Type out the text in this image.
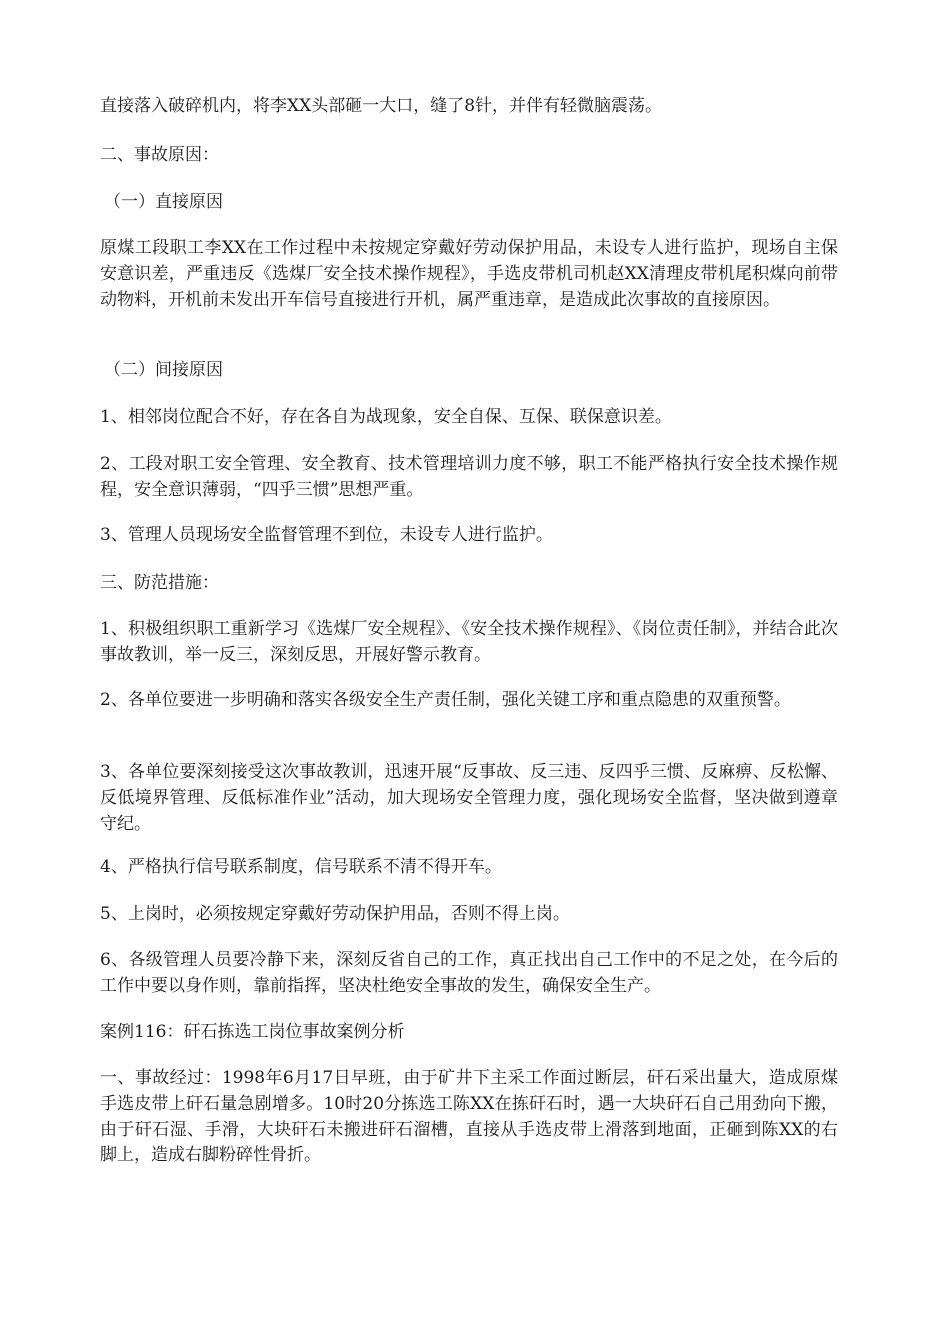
直接落入破碎机内，将李XX头部砸一大口，缝了8针，并伴有轻微脑震荡。

二、事故原因：

（一）直接原因

原煤工段职工李XX在工作过程中未按规定穿戴好劳动保护用品，未设专人进行监护，现场自主保安意识差，严重违反《选煤厂安全技术操作规程》，手选皮带机司机赵XX清理皮带机尾积煤向前带动物料，开机前未发出开车信号直接进行开机，属严重违章，是造成此次事故的直接原因。

（二）间接原因

1、相邻岗位配合不好，存在各自为战现象，安全自保、互保、联保意识差。

2、工段对职工安全管理、安全教育、技术管理培训力度不够，职工不能严格执行安全技术操作规程，安全意识薄弱，“四乎三惯”思想严重。

3、管理人员现场安全监督管理不到位，未设专人进行监护。

三、防范措施：

1、积极组织职工重新学习《选煤厂安全规程》、《安全技术操作规程》、《岗位责任制》，并结合此次事故教训，举一反三，深刻反思，开展好警示教育。

2、各单位要进一步明确和落实各级安全生产责任制，强化关键工序和重点隐患的双重预警。

3、各单位要深刻接受这次事故教训，迅速开展“反事故、反三违、反四乎三惯、反麻痹、反松懈、反低境界管理、反低标准作业”活动，加大现场安全管理力度，强化现场安全监督，坚决做到遵章守纪。

4、严格执行信号联系制度，信号联系不清不得开车。

5、上岗时，必须按规定穿戴好劳动保护用品，否则不得上岗。

6、各级管理人员要冷静下来，深刻反省自己的工作，真正找出自己工作中的不足之处，在今后的工作中要以身作则，靠前指挥，坚决杜绝安全事故的发生，确保安全生产。

案例116：矸石拣选工岗位事故案例分析

一、事故经过：1998年6月17日早班，由于矿井下主采工作面过断层，矸石采出量大，造成原煤手选皮带上矸石量急剧增多。10时20分拣选工陈XX在拣矸石时，遇一大块矸石自己用劲向下搬，由于矸石湿、手滑，大块矸石未搬进矸石溜槽，直接从手选皮带上滑落到地面，正砸到陈XX的右脚上，造成右脚粉碎性骨折。
